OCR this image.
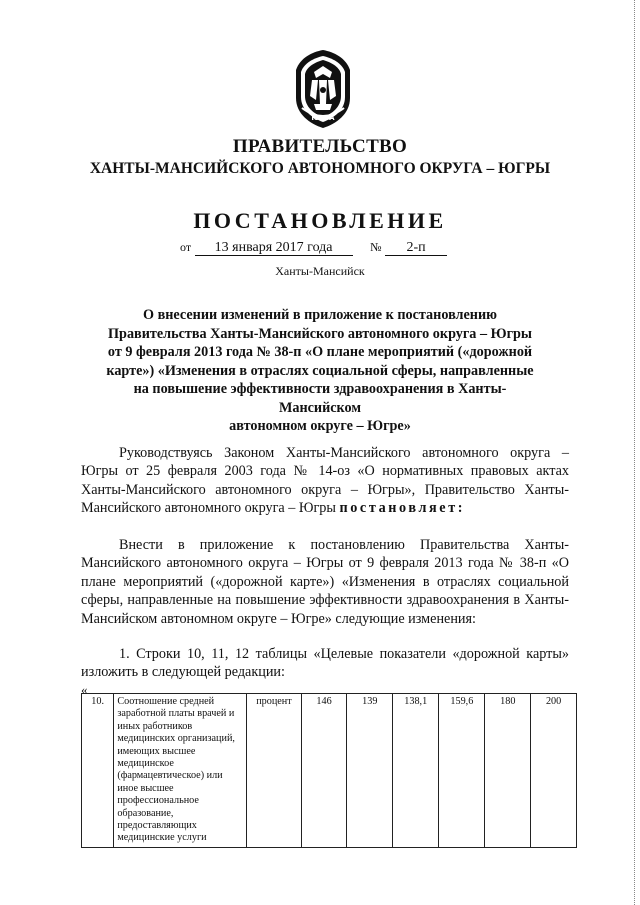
ЮГРА
ПРАВИТЕЛЬСТВО
ХАНТЫ-МАНСИЙСКОГО АВТОНОМНОГО ОКРУГА – ЮГРЫ
ПОСТАНОВЛЕНИЕ
от 13 января 2017 года	№ 2-п
Ханты-Мансийск
О внесении изменений в приложение к постановлению
Правительства Ханты-Мансийского автономного округа – Югры
от 9 февраля 2013 года № 38-п «О плане мероприятий («дорожной
карте») «Изменения в отраслях социальной сферы, направленные
на повышение эффективности здравоохранения в Ханты-Мансийском
автономном округе – Югре»
Руководствуясь Законом Ханты-Мансийского автономного округа – Югры от 25 февраля 2003 года № 14-оз «О нормативных правовых актах Ханты-Мансийского автономного округа – Югры», Правительство Ханты-Мансийского автономного округа – Югры постановляет:
Внести в приложение к постановлению Правительства Ханты-Мансийского автономного округа – Югры от 9 февраля 2013 года № 38-п «О плане мероприятий («дорожной карте») «Изменения в отраслях социальной сферы, направленные на повышение эффективности здравоохранения в Ханты-Мансийском автономном округе – Югре» следующие изменения:
1. Строки 10, 11, 12 таблицы «Целевые показатели «дорожной карты» изложить в следующей редакции:
«
10.	Соотношение средней заработной платы врачей и иных работников медицинских организаций, имеющих высшее медицинское (фармацевтическое) или иное высшее профессиональное образование, предоставляющих медицинские услуги	процент	146	139	138,1	159,6	180	200
